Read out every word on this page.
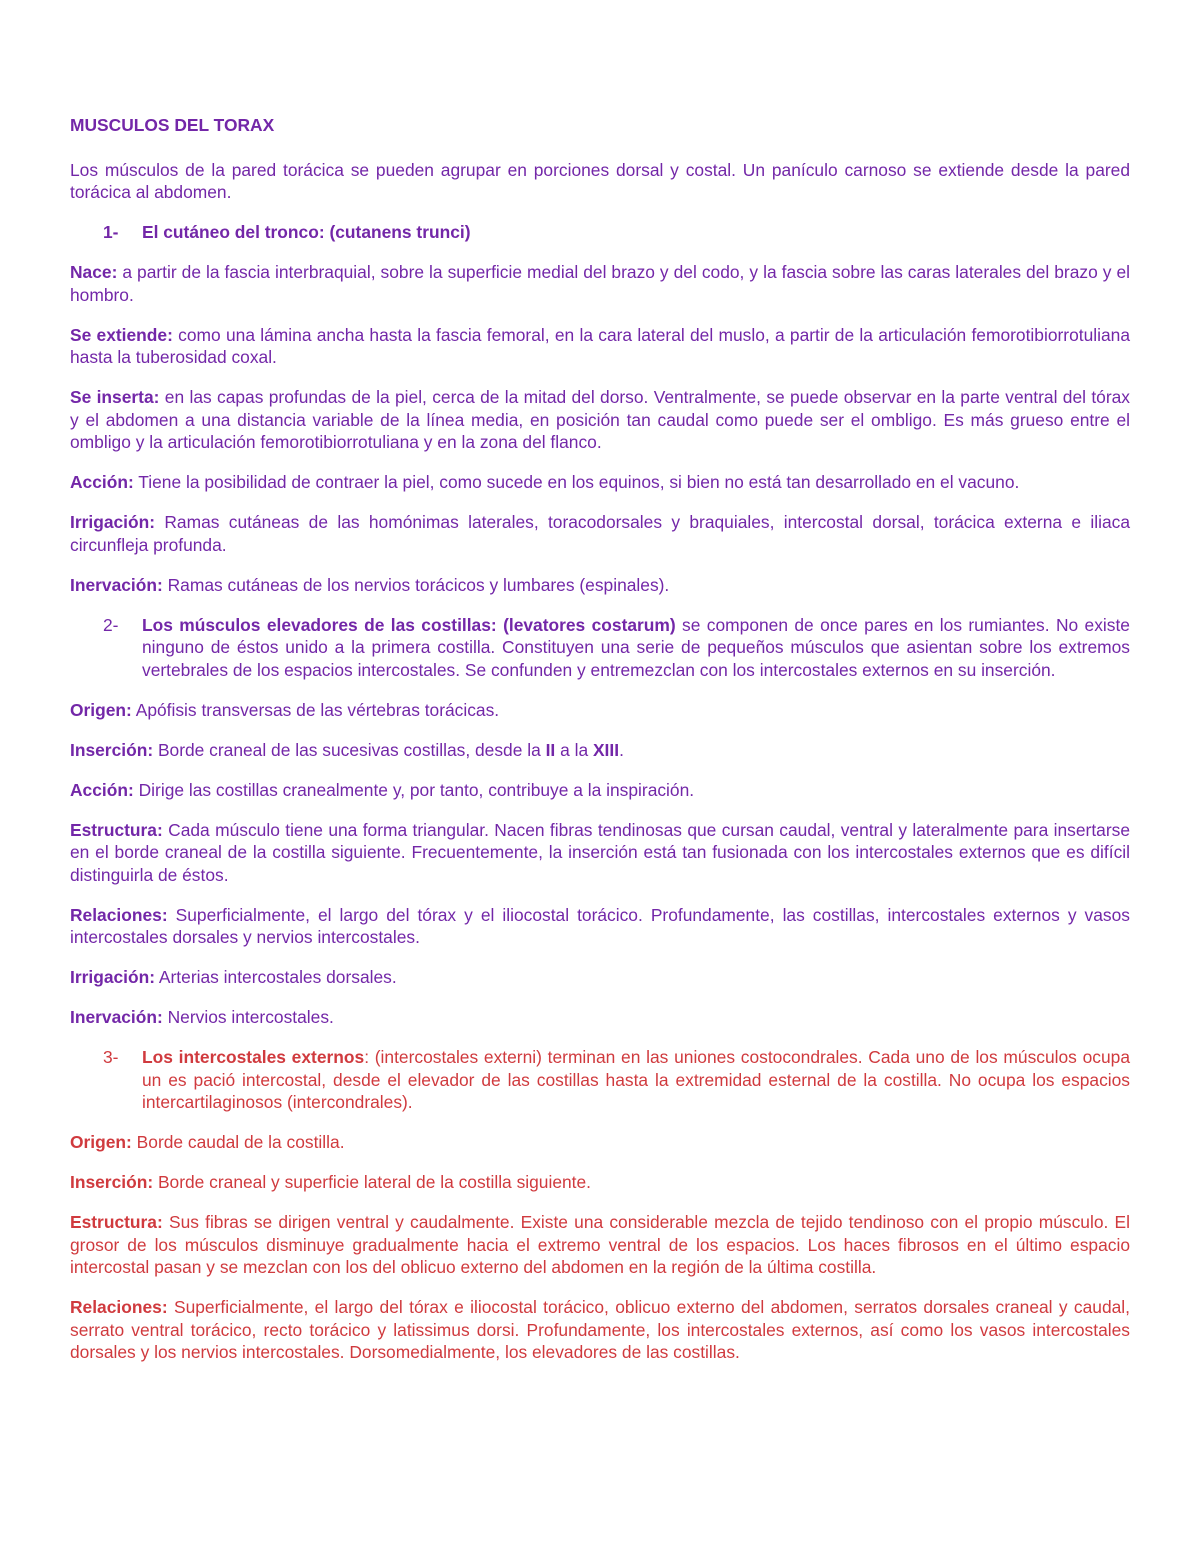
MUSCULOS DEL TORAX

Los músculos de la pared torácica se pueden agrupar en porciones dorsal y costal. Un panículo carnoso se extiende desde la pared torácica al abdomen.

1- El cutáneo del tronco: (cutanens trunci)

Nace: a partir de la fascia interbraquial, sobre la superficie medial del brazo y del codo, y la fascia sobre las caras laterales del brazo y el hombro.

Se extiende: como una lámina ancha hasta la fascia femoral, en la cara lateral del muslo, a partir de la articulación femorotibiorrotuliana hasta la tuberosidad coxal.

Se inserta: en las capas profundas de la piel, cerca de la mitad del dorso. Ventralmente, se puede observar en la parte ventral del tórax y el abdomen a una distancia variable de la línea media, en posición tan caudal como puede ser el ombligo. Es más grueso entre el ombligo y la articulación femorotibiorrotuliana y en la zona del flanco.

Acción: Tiene la posibilidad de contraer la piel, como sucede en los equinos, si bien no está tan desarrollado en el vacuno.

Irrigación: Ramas cutáneas de las homónimas laterales, toracodorsales y braquiales, intercostal dorsal, torácica externa e iliaca circunfleja profunda.

Inervación: Ramas cutáneas de los nervios torácicos y lumbares (espinales).

2- Los músculos elevadores de las costillas: (levatores costarum) se componen de once pares en los rumiantes. No existe ninguno de éstos unido a la primera costilla. Constituyen una serie de pequeños músculos que asientan sobre los extremos vertebrales de los espacios intercostales. Se confunden y entremezclan con los intercostales externos en su inserción.

Origen: Apófisis transversas de las vértebras torácicas.

Inserción: Borde craneal de las sucesivas costillas, desde la II a la XIII.

Acción: Dirige las costillas cranealmente y, por tanto, contribuye a la inspiración.

Estructura: Cada músculo tiene una forma triangular. Nacen fibras tendinosas que cursan caudal, ventral y lateralmente para insertarse en el borde craneal de la costilla siguiente. Frecuentemente, la inserción está tan fusionada con los intercostales externos que es difícil distinguirla de éstos.

Relaciones: Superficialmente, el largo del tórax y el iliocostal torácico. Profundamente, las costillas, intercostales externos y vasos intercostales dorsales y nervios intercostales.

Irrigación: Arterias intercostales dorsales.

Inervación: Nervios intercostales.

3- Los intercostales externos: (intercostales externi) terminan en las uniones costocondrales. Cada uno de los músculos ocupa un es pació intercostal, desde el elevador de las costillas hasta la extremidad esternal de la costilla. No ocupa los espacios intercartilaginosos (intercondrales).

Origen: Borde caudal de la costilla.

Inserción: Borde craneal y superficie lateral de la costilla siguiente.

Estructura: Sus fibras se dirigen ventral y caudalmente. Existe una considerable mezcla de tejido tendinoso con el propio músculo. El grosor de los músculos disminuye gradualmente hacia el extremo ventral de los espacios. Los haces fibrosos en el último espacio intercostal pasan y se mezclan con los del oblicuo externo del abdomen en la región de la última costilla.

Relaciones: Superficialmente, el largo del tórax e iliocostal torácico, oblicuo externo del abdomen, serratos dorsales craneal y caudal, serrato ventral torácico, recto torácico y latissimus dorsi. Profundamente, los intercostales externos, así como los vasos intercostales dorsales y los nervios intercostales. Dorsomedialmente, los elevadores de las costillas.
